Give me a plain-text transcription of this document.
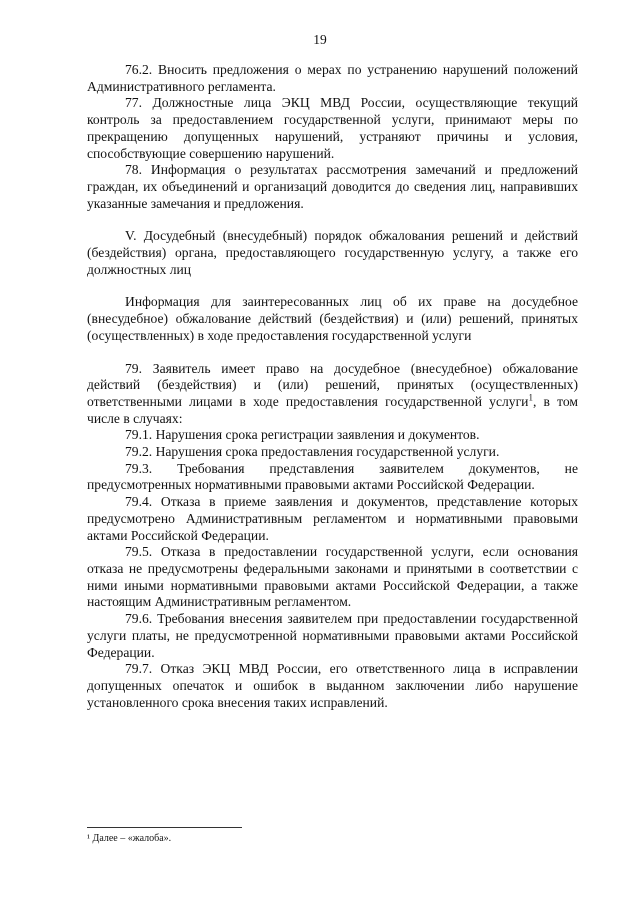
19

76.2. Вносить предложения о мерах по устранению нарушений положений Административного регламента.

77. Должностные лица ЭКЦ МВД России, осуществляющие текущий контроль за предоставлением государственной услуги, принимают меры по прекращению допущенных нарушений, устраняют причины и условия, способствующие совершению нарушений.

78. Информация о результатах рассмотрения замечаний и предложений граждан, их объединений и организаций доводится до сведения лиц, направивших указанные замечания и предложения.

V. Досудебный (внесудебный) порядок обжалования решений и действий (бездействия) органа, предоставляющего государственную услугу, а также его должностных лиц

Информация для заинтересованных лиц об их праве на досудебное (внесудебное) обжалование действий (бездействия) и (или) решений, принятых (осуществленных) в ходе предоставления государственной услуги

79. Заявитель имеет право на досудебное (внесудебное) обжалование действий (бездействия) и (или) решений, принятых (осуществленных) ответственными лицами в ходе предоставления государственной услуги$^1$, в том числе в случаях:

79.1. Нарушения срока регистрации заявления и документов.

79.2. Нарушения срока предоставления государственной услуги.

79.3. Требования представления заявителем документов, не предусмотренных нормативными правовыми актами Российской Федерации.

79.4. Отказа в приеме заявления и документов, представление которых предусмотрено Административным регламентом и нормативными правовыми актами Российской Федерации.

79.5. Отказа в предоставлении государственной услуги, если основания отказа не предусмотрены федеральными законами и принятыми в соответствии с ними иными нормативными правовыми актами Российской Федерации, а также настоящим Административным регламентом.

79.6. Требования внесения заявителем при предоставлении государственной услуги платы, не предусмотренной нормативными правовыми актами Российской Федерации.

79.7. Отказ ЭКЦ МВД России, его ответственного лица в исправлении допущенных опечаток и ошибок в выданном заключении либо нарушение установленного срока внесения таких исправлений.

¹ Далее – «жалоба».
